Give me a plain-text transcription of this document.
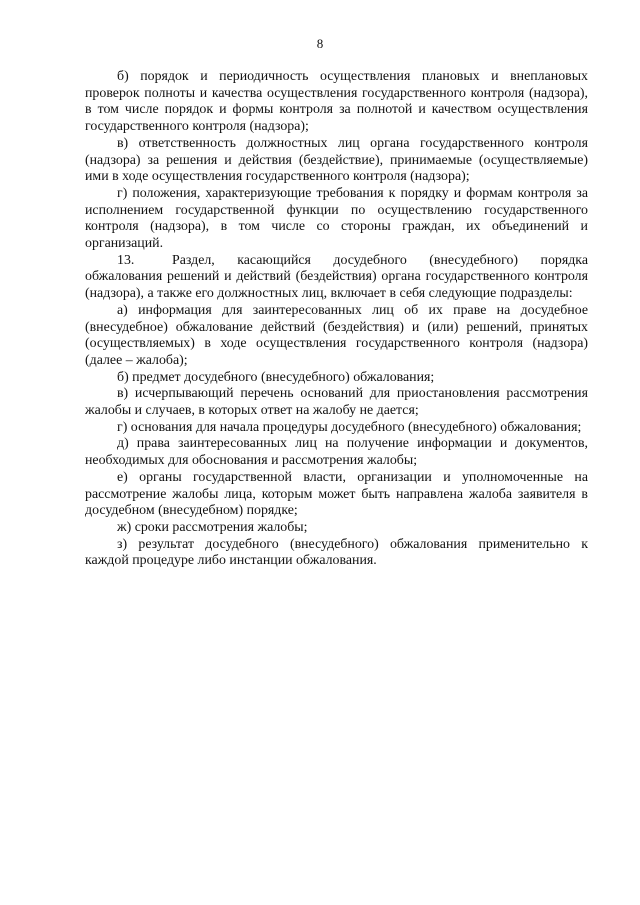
8

б) порядок и периодичность осуществления плановых и внеплановых проверок полноты и качества осуществления государственного контроля (надзора), в том числе порядок и формы контроля за полнотой и качеством осуществления государственного контроля (надзора);

в) ответственность должностных лиц органа государственного контроля (надзора) за решения и действия (бездействие), принимаемые (осуществляемые) ими в ходе осуществления государственного контроля (надзора);

г) положения, характеризующие требования к порядку и формам контроля за исполнением государственной функции по осуществлению государственного контроля (надзора), в том числе со стороны граждан, их объединений и организаций.

13.	Раздел, касающийся досудебного (внесудебного) порядка обжалования решений и действий (бездействия) органа государственного контроля (надзора), а также его должностных лиц, включает в себя следующие подразделы:

а) информация для заинтересованных лиц об их праве на досудебное (внесудебное) обжалование действий (бездействия) и (или) решений, принятых (осуществляемых) в ходе осуществления государственного контроля (надзора) (далее – жалоба);

б) предмет досудебного (внесудебного) обжалования;

в) исчерпывающий перечень оснований для приостановления рассмотрения жалобы и случаев, в которых ответ на жалобу не дается;

г) основания для начала процедуры досудебного (внесудебного) обжалования;

д) права заинтересованных лиц на получение информации и документов, необходимых для обоснования и рассмотрения жалобы;

е) органы государственной власти, организации и уполномоченные на рассмотрение жалобы лица, которым может быть направлена жалоба заявителя в досудебном (внесудебном) порядке;

ж) сроки рассмотрения жалобы;

з) результат досудебного (внесудебного) обжалования применительно к каждой процедуре либо инстанции обжалования.
